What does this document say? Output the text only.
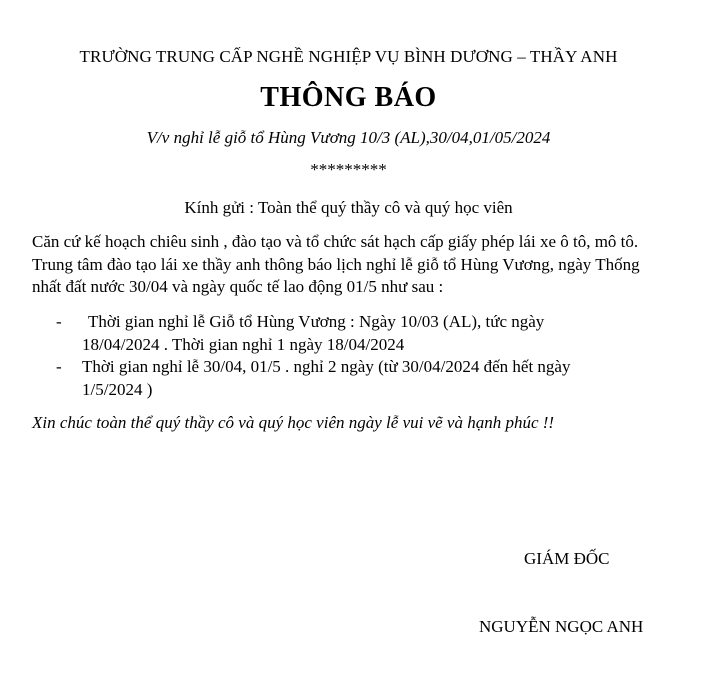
TRƯỜNG TRUNG CẤP NGHỀ NGHIỆP VỤ BÌNH DƯƠNG – THẦY ANH
THÔNG BÁO
V/v nghỉ lễ giỗ tổ Hùng Vương 10/3 (AL),30/04,01/05/2024
*********
Kính gửi : Toàn thể quý thầy cô và quý học viên
Căn cứ kế hoạch chiêu sinh , đào tạo và tổ chức sát hạch cấp giấy phép lái xe ô tô, mô tô. Trung tâm đào tạo lái xe thầy anh thông báo lịch nghỉ lễ giỗ tổ Hùng Vương, ngày Thống nhất đất nước 30/04 và ngày quốc tế lao động 01/5 như sau :
-	Thời gian nghỉ lễ Giỗ tổ Hùng Vương : Ngày 10/03 (AL), tức ngày
18/04/2024 . Thời gian nghỉ 1 ngày 18/04/2024
- Thời gian nghỉ lễ 30/04, 01/5 . nghỉ 2 ngày (từ 30/04/2024 đến hết ngày
1/5/2024 )
Xin chúc toàn thể quý thầy cô và quý học viên ngày lễ vui vẽ và hạnh phúc !!
GIÁM ĐỐC
NGUYỄN NGỌC ANH
